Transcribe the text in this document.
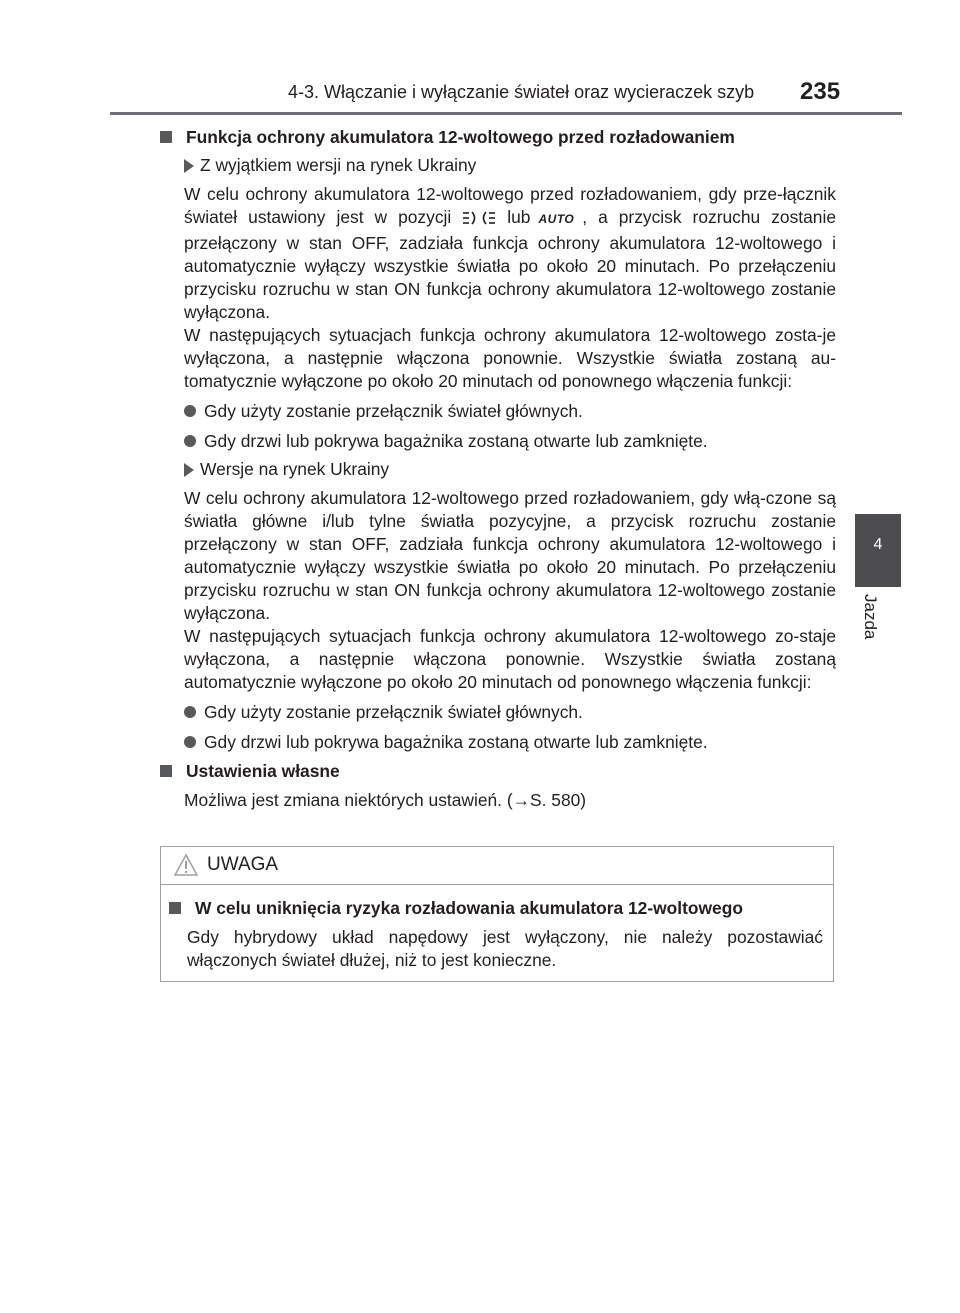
4-3. Włączanie i wyłączanie świateł oraz wycieraczek szyb 235
4
Jazda

Funkcja ochrony akumulatora 12-woltowego przed rozładowaniem

Z wyjątkiem wersji na rynek Ukrainy

W celu ochrony akumulatora 12-woltowego przed rozładowaniem, gdy prze-łącznik świateł ustawiony jest w pozycji	lub AUTO , a przycisk rozruchu zostanie przełączony w stan OFF, zadziała funkcja ochrony akumulatora 12-woltowego i automatycznie wyłączy wszystkie światła po około 20 minutach. Po przełączeniu przycisku rozruchu w stan ON funkcja ochrony akumulatora 12-woltowego zostanie wyłączona.

W następujących sytuacjach funkcja ochrony akumulatora 12-woltowego zosta-je wyłączona, a następnie włączona ponownie. Wszystkie światła zostaną au-tomatycznie wyłączone po około 20 minutach od ponownego włączenia funkcji:

Gdy użyty zostanie przełącznik świateł głównych.

Gdy drzwi lub pokrywa bagażnika zostaną otwarte lub zamknięte.

Wersje na rynek Ukrainy

W celu ochrony akumulatora 12-woltowego przed rozładowaniem, gdy włą-czone są światła główne i/lub tylne światła pozycyjne, a przycisk rozruchu zostanie przełączony w stan OFF, zadziała funkcja ochrony akumulatora 12-woltowego i automatycznie wyłączy wszystkie światła po około 20 minutach. Po przełączeniu przycisku rozruchu w stan ON funkcja ochrony akumulatora 12-woltowego zostanie wyłączona.

W następujących sytuacjach funkcja ochrony akumulatora 12-woltowego zo-staje wyłączona, a następnie włączona ponownie. Wszystkie światła zostaną automatycznie wyłączone po około 20 minutach od ponownego włączenia funkcji:

Gdy użyty zostanie przełącznik świateł głównych.

Gdy drzwi lub pokrywa bagażnika zostaną otwarte lub zamknięte.

Ustawienia własne

Możliwa jest zmiana niektórych ustawień. (→S. 580)

UWAGA

W celu uniknięcia ryzyka rozładowania akumulatora 12-woltowego

Gdy hybrydowy układ napędowy jest wyłączony, nie należy pozostawiać włączonych świateł dłużej, niż to jest konieczne.
